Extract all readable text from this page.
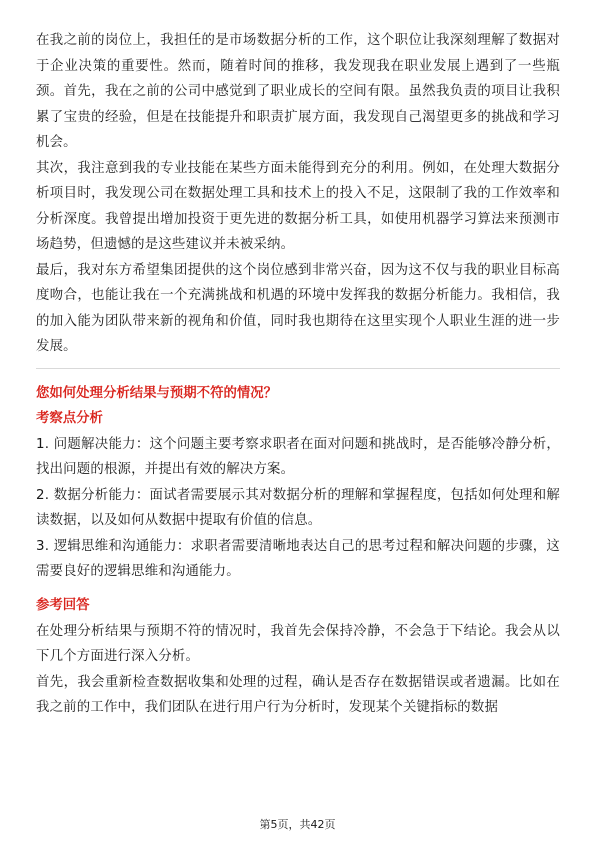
在我之前的岗位上，我担任的是市场数据分析的工作，这个职位让我深刻理解了数据对于企业决策的重要性。然而，随着时间的推移，我发现我在职业发展上遇到了一些瓶颈。首先，我在之前的公司中感觉到了职业成长的空间有限。虽然我负责的项目让我积累了宝贵的经验，但是在技能提升和职责扩展方面，我发现自己渴望更多的挑战和学习机会。

其次，我注意到我的专业技能在某些方面未能得到充分的利用。例如，在处理大数据分析项目时，我发现公司在数据处理工具和技术上的投入不足，这限制了我的工作效率和分析深度。我曾提出增加投资于更先进的数据分析工具，如使用机器学习算法来预测市场趋势，但遗憾的是这些建议并未被采纳。

最后，我对东方希望集团提供的这个岗位感到非常兴奋，因为这不仅与我的职业目标高度吻合，也能让我在一个充满挑战和机遇的环境中发挥我的数据分析能力。我相信，我的加入能为团队带来新的视角和价值，同时我也期待在这里实现个人职业生涯的进一步发展。

您如何处理分析结果与预期不符的情况？

考察点分析

1. 问题解决能力：这个问题主要考察求职者在面对问题和挑战时，是否能够冷静分析，找出问题的根源，并提出有效的解决方案。

2. 数据分析能力：面试者需要展示其对数据分析的理解和掌握程度，包括如何处理和解读数据，以及如何从数据中提取有价值的信息。

3. 逻辑思维和沟通能力：求职者需要清晰地表达自己的思考过程和解决问题的步骤，这需要良好的逻辑思维和沟通能力。

参考回答

在处理分析结果与预期不符的情况时，我首先会保持冷静，不会急于下结论。我会从以下几个方面进行深入分析。

首先，我会重新检查数据收集和处理的过程，确认是否存在数据错误或者遗漏。比如在我之前的工作中，我们团队在进行用户行为分析时，发现某个关键指标的数据

第5页，共42页
